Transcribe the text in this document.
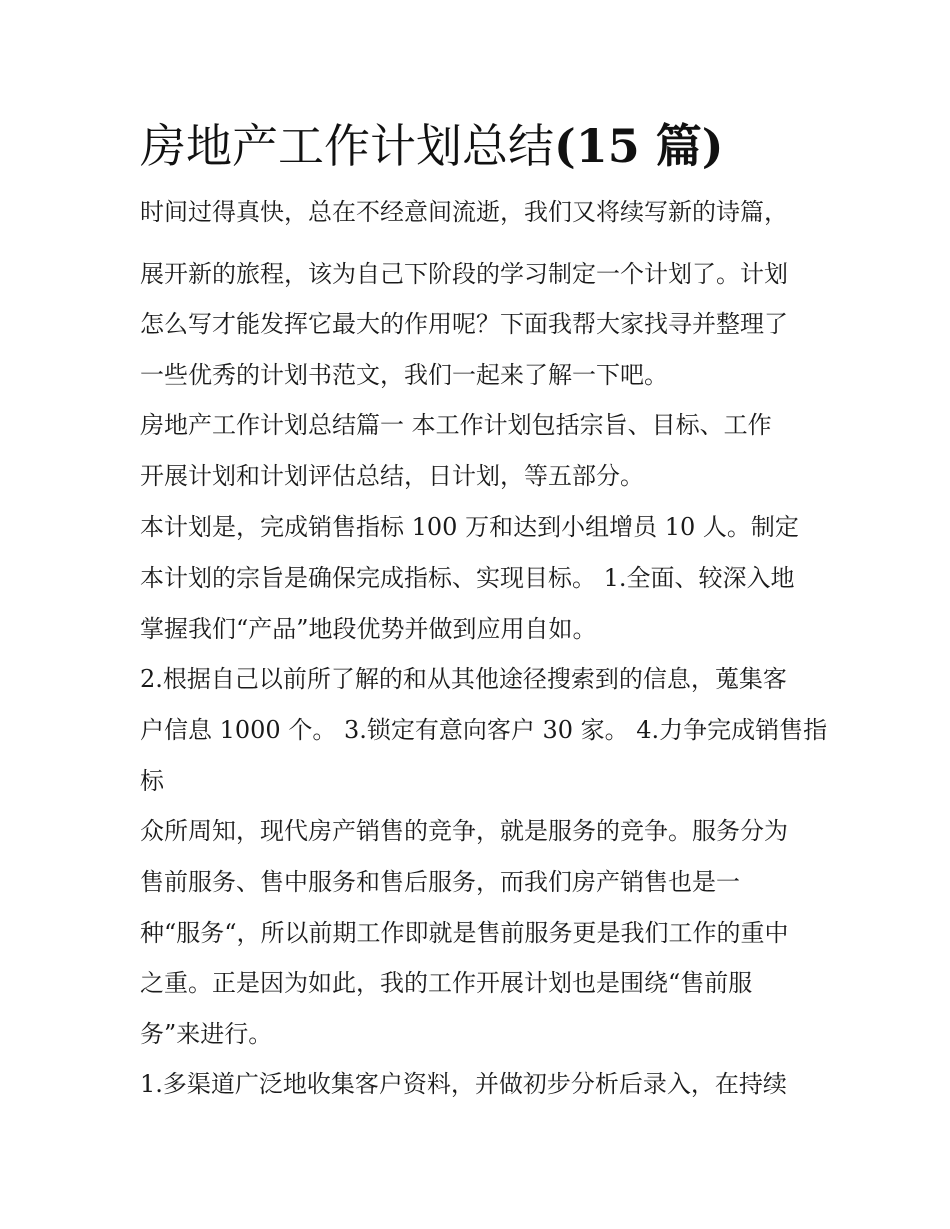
房地产工作计划总结(15 篇)

时间过得真快，总在不经意间流逝，我们又将续写新的诗篇，

展开新的旅程，该为自己下阶段的学习制定一个计划了。计划

怎么写才能发挥它最大的作用呢？下面我帮大家找寻并整理了

一些优秀的计划书范文，我们一起来了解一下吧。

房地产工作计划总结篇一 本工作计划包括宗旨、目标、工作

开展计划和计划评估总结，日计划，等五部分。

本计划是，完成销售指标 100 万和达到小组增员 10 人。制定

本计划的宗旨是确保完成指标、实现目标。 1.全面、较深入地

掌握我们“产品”地段优势并做到应用自如。

2.根据自己以前所了解的和从其他途径搜索到的信息，蒐集客

户信息 1000 个。 3.锁定有意向客户 30 家。 4.力争完成销售指

标

众所周知，现代房产销售的竞争，就是服务的竞争。服务分为

售前服务、售中服务和售后服务，而我们房产销售也是一

种“服务“，所以前期工作即就是售前服务更是我们工作的重中

之重。正是因为如此，我的工作开展计划也是围绕“售前服

务”来进行。

1.多渠道广泛地收集客户资料，并做初步分析后录入，在持续
